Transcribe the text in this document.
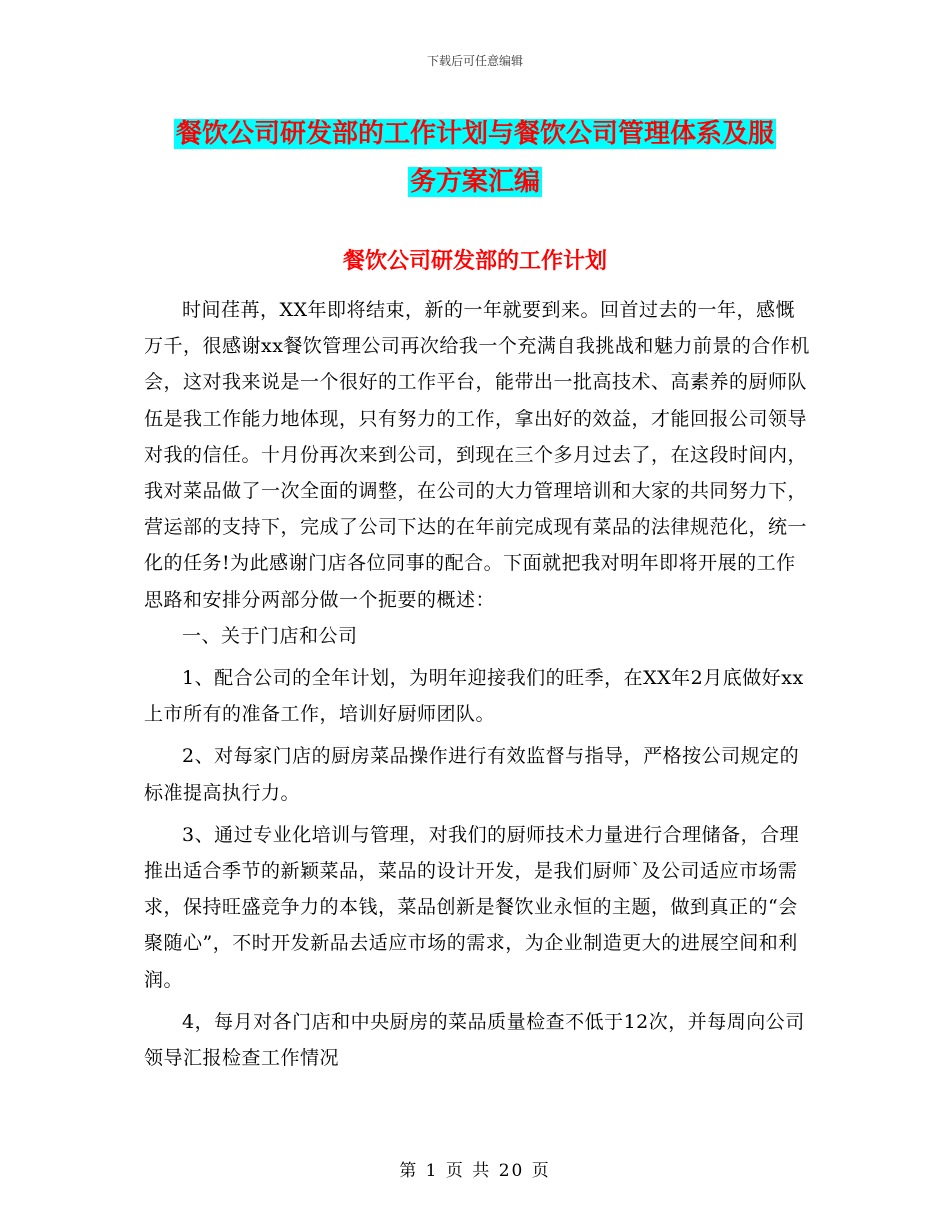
下载后可任意编辑
餐饮公司研发部的工作计划与餐饮公司管理体系及服
务方案汇编
餐饮公司研发部的工作计划

时间荏苒，XX年即将结束，新的一年就要到来。回首过去的一年，感慨万千，很感谢xx餐饮管理公司再次给我一个充满自我挑战和魅力前景的合作机会，这对我来说是一个很好的工作平台，能带出一批高技术、高素养的厨师队伍是我工作能力地体现，只有努力的工作，拿出好的效益，才能回报公司领导对我的信任。十月份再次来到公司，到现在三个多月过去了，在这段时间内，我对菜品做了一次全面的调整，在公司的大力管理培训和大家的共同努力下，营运部的支持下，完成了公司下达的在年前完成现有菜品的法律规范化，统一化的任务!为此感谢门店各位同事的配合。下面就把我对明年即将开展的工作思路和安排分两部分做一个扼要的概述：

一、关于门店和公司

1、配合公司的全年计划，为明年迎接我们的旺季，在XX年2月底做好xx上市所有的准备工作，培训好厨师团队。

2、对每家门店的厨房菜品操作进行有效监督与指导，严格按公司规定的标准提高执行力。

3、通过专业化培训与管理，对我们的厨师技术力量进行合理储备，合理推出适合季节的新颖菜品，菜品的设计开发，是我们厨师`及公司适应市场需求，保持旺盛竞争力的本钱，菜品创新是餐饮业永恒的主题，做到真正的“会聚随心”，不时开发新品去适应市场的需求，为企业制造更大的进展空间和利润。

4，每月对各门店和中央厨房的菜品质量检查不低于12次，并每周向公司领导汇报检查工作情况

第 1 页 共 20 页
